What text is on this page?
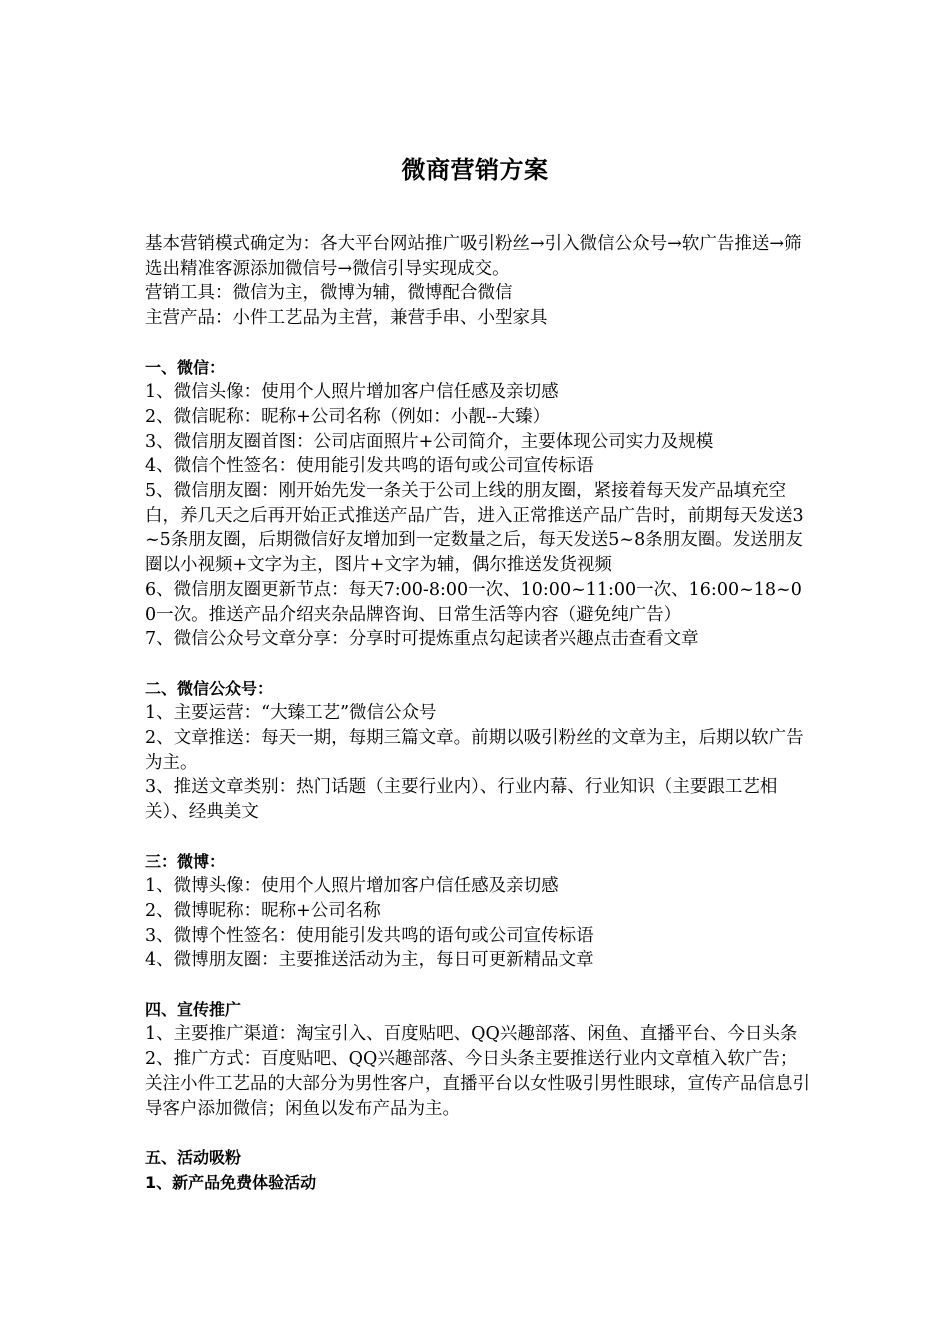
微商营销方案

基本营销模式确定为：各大平台网站推广吸引粉丝→引入微信公众号→软广告推送→筛选出精准客源添加微信号→微信引导实现成交。

营销工具：微信为主，微博为辅，微博配合微信

主营产品：小件工艺品为主营，兼营手串、小型家具

一、微信：

1、微信头像：使用个人照片增加客户信任感及亲切感

2、微信昵称：昵称+公司名称（例如：小靓--大臻）

3、微信朋友圈首图：公司店面照片+公司简介，主要体现公司实力及规模

4、微信个性签名：使用能引发共鸣的语句或公司宣传标语

5、微信朋友圈：刚开始先发一条关于公司上线的朋友圈，紧接着每天发产品填充空白，养几天之后再开始正式推送产品广告，进入正常推送产品广告时，前期每天发送3~5条朋友圈，后期微信好友增加到一定数量之后，每天发送5~8条朋友圈。发送朋友圈以小视频+文字为主，图片+文字为辅，偶尔推送发货视频

6、微信朋友圈更新节点：每天7:00-8:00一次、10:00~11:00一次、16:00~18~00一次。推送产品介绍夹杂品牌咨询、日常生活等内容（避免纯广告）

7、微信公众号文章分享：分享时可提炼重点勾起读者兴趣点击查看文章

二、微信公众号：

1、主要运营：“大臻工艺”微信公众号

2、文章推送：每天一期，每期三篇文章。前期以吸引粉丝的文章为主，后期以软广告为主。

3、推送文章类别：热门话题（主要行业内）、行业内幕、行业知识（主要跟工艺相关）、经典美文

三：微博：

1、微博头像：使用个人照片增加客户信任感及亲切感

2、微博昵称：昵称+公司名称

3、微博个性签名：使用能引发共鸣的语句或公司宣传标语

4、微博朋友圈：主要推送活动为主，每日可更新精品文章

四、宣传推广

1、主要推广渠道：淘宝引入、百度贴吧、QQ兴趣部落、闲鱼、直播平台、今日头条

2、推广方式：百度贴吧、QQ兴趣部落、今日头条主要推送行业内文章植入软广告；关注小件工艺品的大部分为男性客户，直播平台以女性吸引男性眼球，宣传产品信息引导客户添加微信；闲鱼以发布产品为主。

五、活动吸粉

1、新产品免费体验活动
